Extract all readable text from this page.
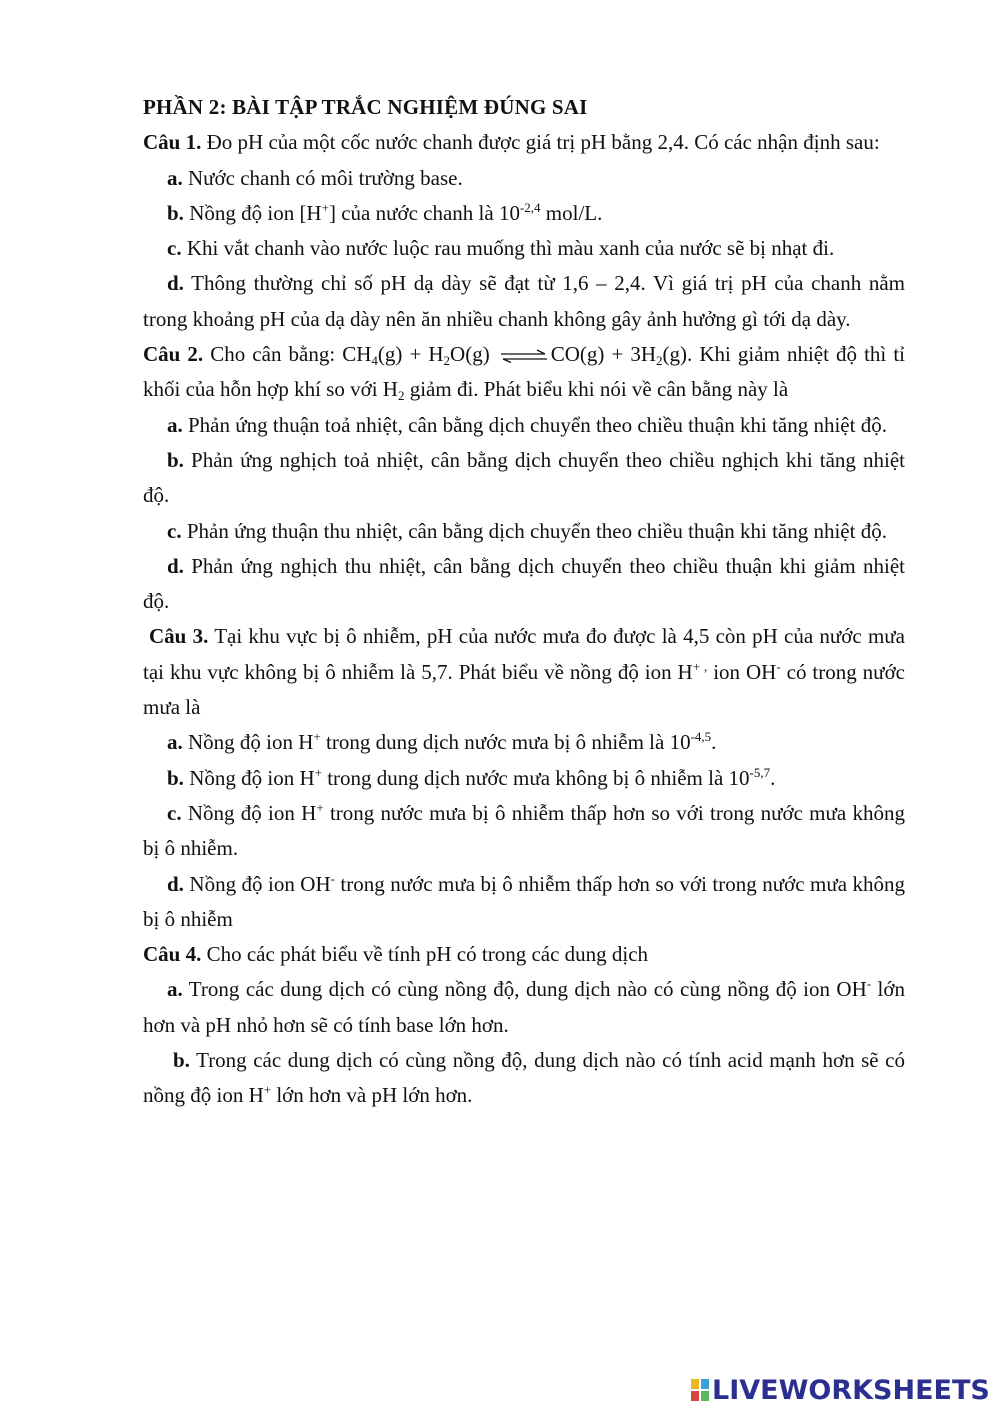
PHẦN 2: BÀI TẬP TRẮC NGHIỆM ĐÚNG SAI

Câu 1. Đo pH của một cốc nước chanh được giá trị pH bằng 2,4. Có các nhận định sau:

a. Nước chanh có môi trường base.

b. Nồng độ ion [H+] của nước chanh là $10^{-2,4}$ mol/L.

c. Khi vắt chanh vào nước luộc rau muống thì màu xanh của nước sẽ bị nhạt đi.

d. Thông thường chỉ số pH dạ dày sẽ đạt từ 1,6 – 2,4. Vì giá trị pH của chanh nằm trong khoảng pH của dạ dày nên ăn nhiều chanh không gây ảnh hưởng gì tới dạ dày.

Câu 2. Cho cân bằng: $CH_4(g) + H_2O(g)$ ⇌ $CO(g) + 3H_2(g)$. Khi giảm nhiệt độ thì tỉ khối của hỗn hợp khí so với $H_2$ giảm đi. Phát biểu khi nói về cân bằng này là

a. Phản ứng thuận toả nhiệt, cân bằng dịch chuyển theo chiều thuận khi tăng nhiệt độ.

b. Phản ứng nghịch toả nhiệt, cân bằng dịch chuyển theo chiều nghịch khi tăng nhiệt độ.

c. Phản ứng thuận thu nhiệt, cân bằng dịch chuyển theo chiều thuận khi tăng nhiệt độ.

d. Phản ứng nghịch thu nhiệt, cân bằng dịch chuyển theo chiều thuận khi giảm nhiệt độ.

Câu 3. Tại khu vực bị ô nhiễm, pH của nước mưa đo được là 4,5 còn pH của nước mưa tại khu vực không bị ô nhiễm là 5,7. Phát biểu về nồng độ ion H+ , ion OH- có trong nước mưa là

a. Nồng độ ion H+ trong dung dịch nước mưa bị ô nhiễm là $10^{-4,5}$.

b. Nồng độ ion H+ trong dung dịch nước mưa không bị ô nhiễm là $10^{-5,7}$.

c. Nồng độ ion H+ trong nước mưa bị ô nhiễm thấp hơn so với trong nước mưa không bị ô nhiễm.

d. Nồng độ ion OH- trong nước mưa bị ô nhiễm thấp hơn so với trong nước mưa không bị ô nhiễm

Câu 4. Cho các phát biểu về tính pH có trong các dung dịch

a. Trong các dung dịch có cùng nồng độ, dung dịch nào có cùng nồng độ ion OH- lớn hơn và pH nhỏ hơn sẽ có tính base lớn hơn.

b. Trong các dung dịch có cùng nồng độ, dung dịch nào có tính acid mạnh hơn sẽ có nồng độ ion H+ lớn hơn và pH lớn hơn.

LIVEWORKSHEETS
